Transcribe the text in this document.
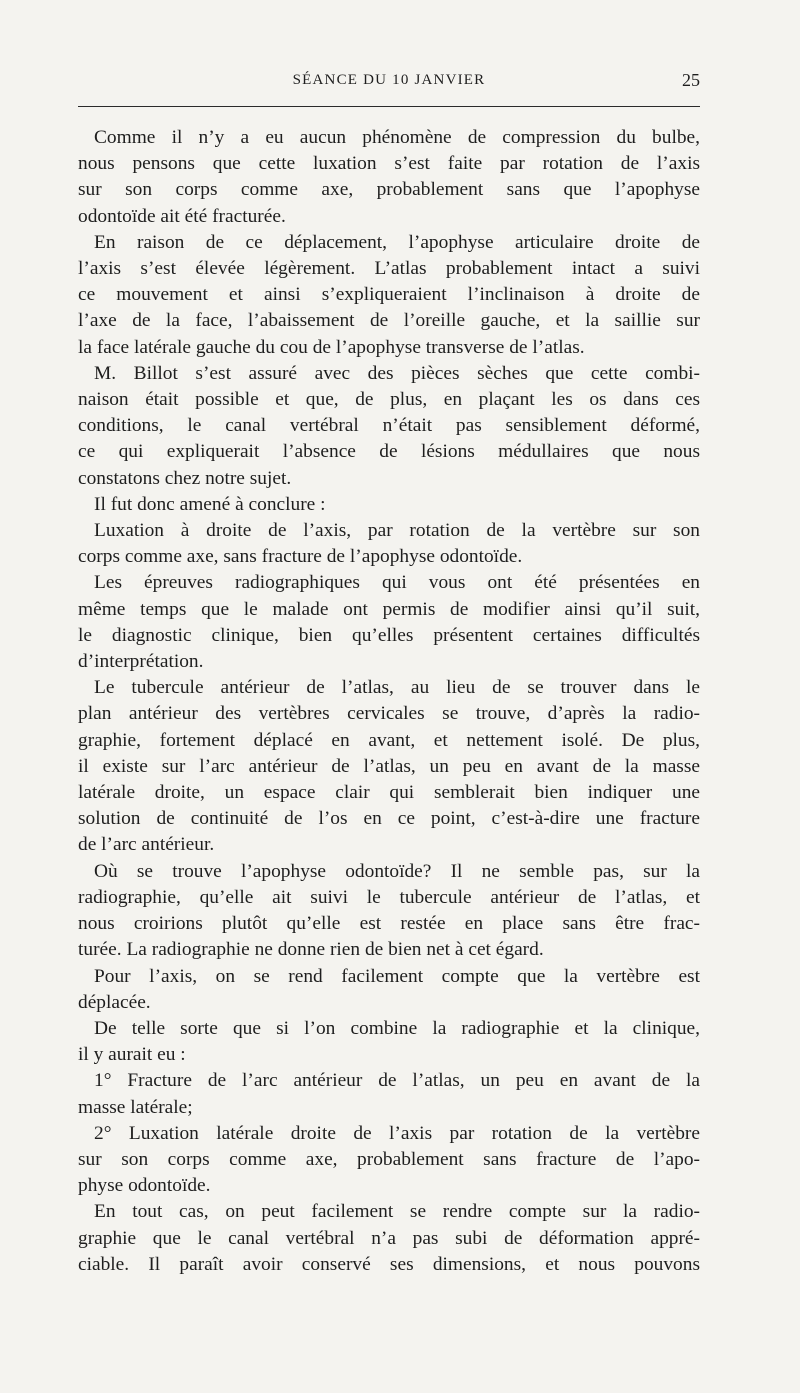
SÉANCE DU 10 JANVIER	25
Comme il n’y a eu aucun phénomène de compression du bulbe,
nous pensons que cette luxation s’est faite par rotation de l’axis
sur son corps comme axe, probablement sans que l’apophyse
odontoïde ait été fracturée.
En raison de ce déplacement, l’apophyse articulaire droite de
l’axis s’est élevée légèrement. L’atlas probablement intact a suivi
ce mouvement et ainsi s’expliqueraient l’inclinaison à droite de
l’axe de la face, l’abaissement de l’oreille gauche, et la saillie sur
la face latérale gauche du cou de l’apophyse transverse de l’atlas.
M. Billot s’est assuré avec des pièces sèches que cette combi-
naison était possible et que, de plus, en plaçant les os dans ces
conditions, le canal vertébral n’était pas sensiblement déformé,
ce qui expliquerait l’absence de lésions médullaires que nous
constatons chez notre sujet.
Il fut donc amené à conclure :
Luxation à droite de l’axis, par rotation de la vertèbre sur son
corps comme axe, sans fracture de l’apophyse odontoïde.
Les épreuves radiographiques qui vous ont été présentées en
même temps que le malade ont permis de modifier ainsi qu’il suit,
le diagnostic clinique, bien qu’elles présentent certaines difficultés
d’interprétation.
Le tubercule antérieur de l’atlas, au lieu de se trouver dans le
plan antérieur des vertèbres cervicales se trouve, d’après la radio-
graphie, fortement déplacé en avant, et nettement isolé. De plus,
il existe sur l’arc antérieur de l’atlas, un peu en avant de la masse
latérale droite, un espace clair qui semblerait bien indiquer une
solution de continuité de l’os en ce point, c’est-à-dire une fracture
de l’arc antérieur.
Où se trouve l’apophyse odontoïde? Il ne semble pas, sur la
radiographie, qu’elle ait suivi le tubercule antérieur de l’atlas, et
nous croirions plutôt qu’elle est restée en place sans être frac-
turée. La radiographie ne donne rien de bien net à cet égard.
Pour l’axis, on se rend facilement compte que la vertèbre est
déplacée.
De telle sorte que si l’on combine la radiographie et la clinique,
il y aurait eu :
1° Fracture de l’arc antérieur de l’atlas, un peu en avant de la
masse latérale;
2° Luxation latérale droite de l’axis par rotation de la vertèbre
sur son corps comme axe, probablement sans fracture de l’apo-
physe odontoïde.
En tout cas, on peut facilement se rendre compte sur la radio-
graphie que le canal vertébral n’a pas subi de déformation appré-
ciable. Il paraît avoir conservé ses dimensions, et nous pouvons
